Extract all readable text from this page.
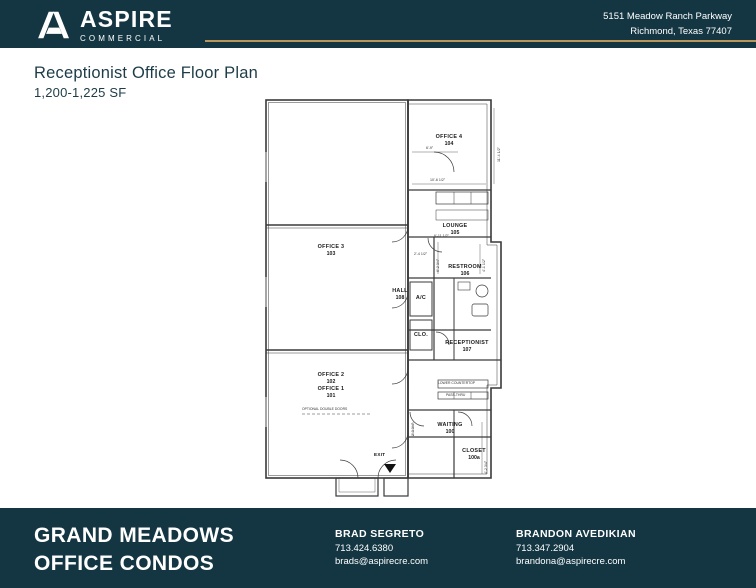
ASPIRE
COMMERCIAL
5151 Meadow Ranch Parkway
Richmond, Texas 77407
Receptionist Office Floor Plan
1,200-1,225 SF
OFFICE 3
103
OFFICE 4
104
OFFICE 2
102
OFFICE 1
101
LOUNGE
105
RESTROOM
106
RECEPTIONIST
107
HALL
108
WAITING
100
CLOSET
100a
A/C
CLO.
6'-9"
10'-6 1/2"
11'-4 1/2"
6'-11 1/2"
6'-2 3/4"
2'-4 1/2"
4'-1 1/2"
2'-3 3/4"
4'-2 3/4"
LOWER COUNTERTOP
PASS-THRU
OPTIONAL DOUBLE DOORS
EXIT
GRAND MEADOWS
OFFICE CONDOS
BRAD SEGRETO
713.424.6380
brads@aspirecre.com
BRANDON AVEDIKIAN
713.347.2904
brandona@aspirecre.com
